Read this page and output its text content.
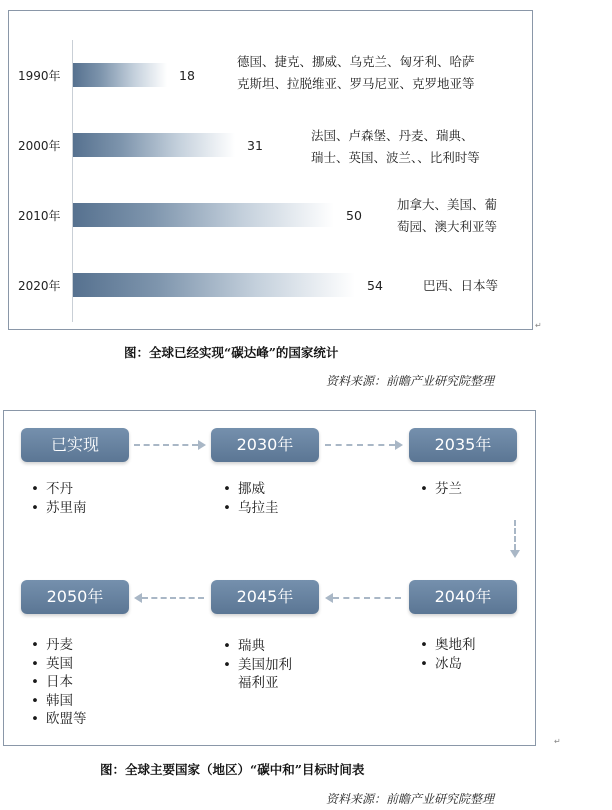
1990年	18
德国、捷克、挪威、乌克兰、匈牙利、哈萨
克斯坦、拉脱维亚、罗马尼亚、克罗地亚等
2000年	31
法国、卢森堡、丹麦、瑞典、
瑞士、英国、波兰、、比利时等
2010年	50
加拿大、美国、葡
萄园、澳大利亚等
2020年	54	巴西、日本等
↵
图：全球已经实现“碳达峰”的国家统计
资料来源：前瞻产业研究院整理
已实现	2030年	2035年
• 不丹
• 苏里南
• 挪威
• 乌拉圭
• 芬兰
2050年	2045年	2040年
• 丹麦
• 英国
• 日本
• 韩国
• 欧盟等
• 瑞典
• 美国加利
福利亚
• 奥地利
• 冰岛
↵
图：全球主要国家（地区）“碳中和”目标时间表
资料来源：前瞻产业研究院整理
